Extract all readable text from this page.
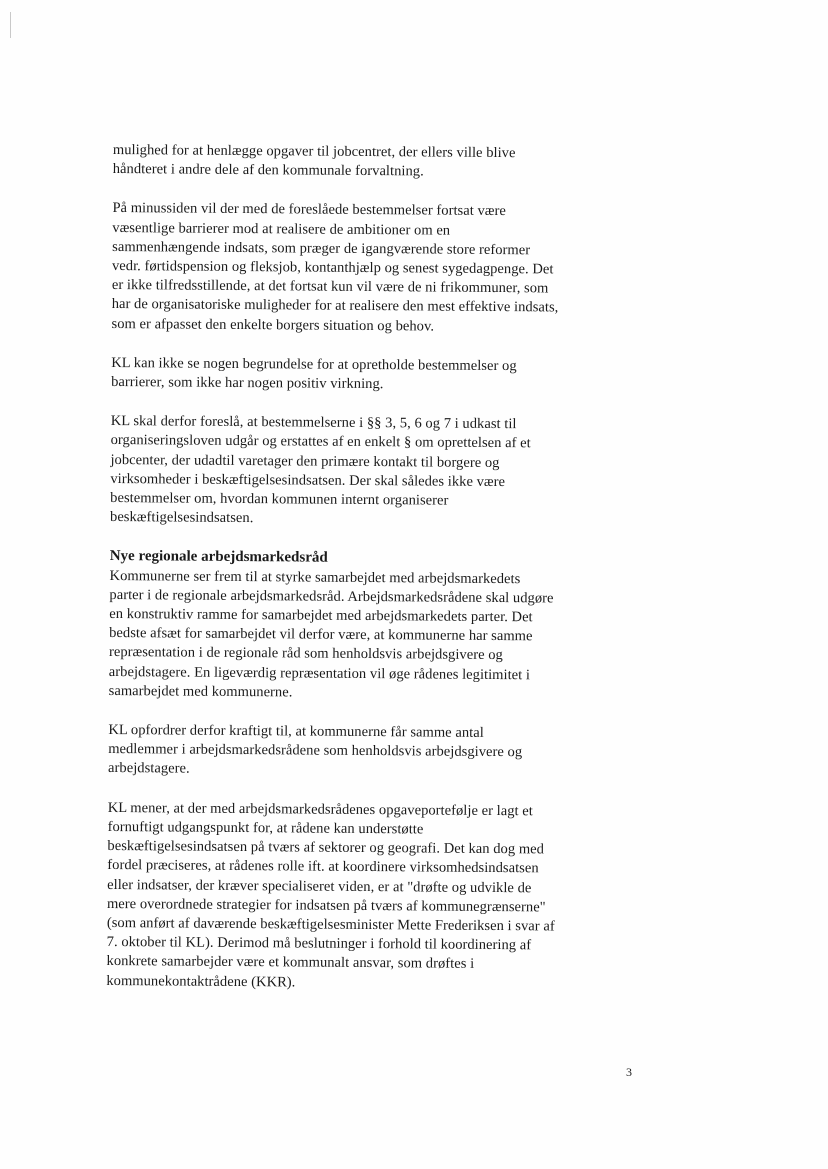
mulighed for at henlægge opgaver til jobcentret, der ellers ville blive
håndteret i andre dele af den kommunale forvaltning.

På minussiden vil der med de foreslåede bestemmelser fortsat være
væsentlige barrierer mod at realisere de ambitioner om en
sammenhængende indsats, som præger de igangværende store reformer
vedr. førtidspension og fleksjob, kontanthjælp og senest sygedagpenge. Det
er ikke tilfredsstillende, at det fortsat kun vil være de ni frikommuner, som
har de organisatoriske muligheder for at realisere den mest effektive indsats,
som er afpasset den enkelte borgers situation og behov.

KL kan ikke se nogen begrundelse for at opretholde bestemmelser og
barrierer, som ikke har nogen positiv virkning.

KL skal derfor foreslå, at bestemmelserne i §§ 3, 5, 6 og 7 i udkast til
organiseringsloven udgår og erstattes af en enkelt § om oprettelsen af et
jobcenter, der udadtil varetager den primære kontakt til borgere og
virksomheder i beskæftigelsesindsatsen. Der skal således ikke være
bestemmelser om, hvordan kommunen internt organiserer
beskæftigelsesindsatsen.

Nye regionale arbejdsmarkedsråd

Kommunerne ser frem til at styrke samarbejdet med arbejdsmarkedets
parter i de regionale arbejdsmarkedsråd. Arbejdsmarkedsrådene skal udgøre
en konstruktiv ramme for samarbejdet med arbejdsmarkedets parter. Det
bedste afsæt for samarbejdet vil derfor være, at kommunerne har samme
repræsentation i de regionale råd som henholdsvis arbejdsgivere og
arbejdstagere. En ligeværdig repræsentation vil øge rådenes legitimitet i
samarbejdet med kommunerne.

KL opfordrer derfor kraftigt til, at kommunerne får samme antal
medlemmer i arbejdsmarkedsrådene som henholdsvis arbejdsgivere og
arbejdstagere.

KL mener, at der med arbejdsmarkedsrådenes opgaveportefølje er lagt et
fornuftigt udgangspunkt for, at rådene kan understøtte
beskæftigelsesindsatsen på tværs af sektorer og geografi. Det kan dog med
fordel præciseres, at rådenes rolle ift. at koordinere virksomhedsindsatsen
eller indsatser, der kræver specialiseret viden, er at "drøfte og udvikle de
mere overordnede strategier for indsatsen på tværs af kommunegrænserne"
(som anført af daværende beskæftigelsesminister Mette Frederiksen i svar af
7. oktober til KL). Derimod må beslutninger i forhold til koordinering af
konkrete samarbejder være et kommunalt ansvar, som drøftes i
kommunekontaktrådene (KKR).

3
